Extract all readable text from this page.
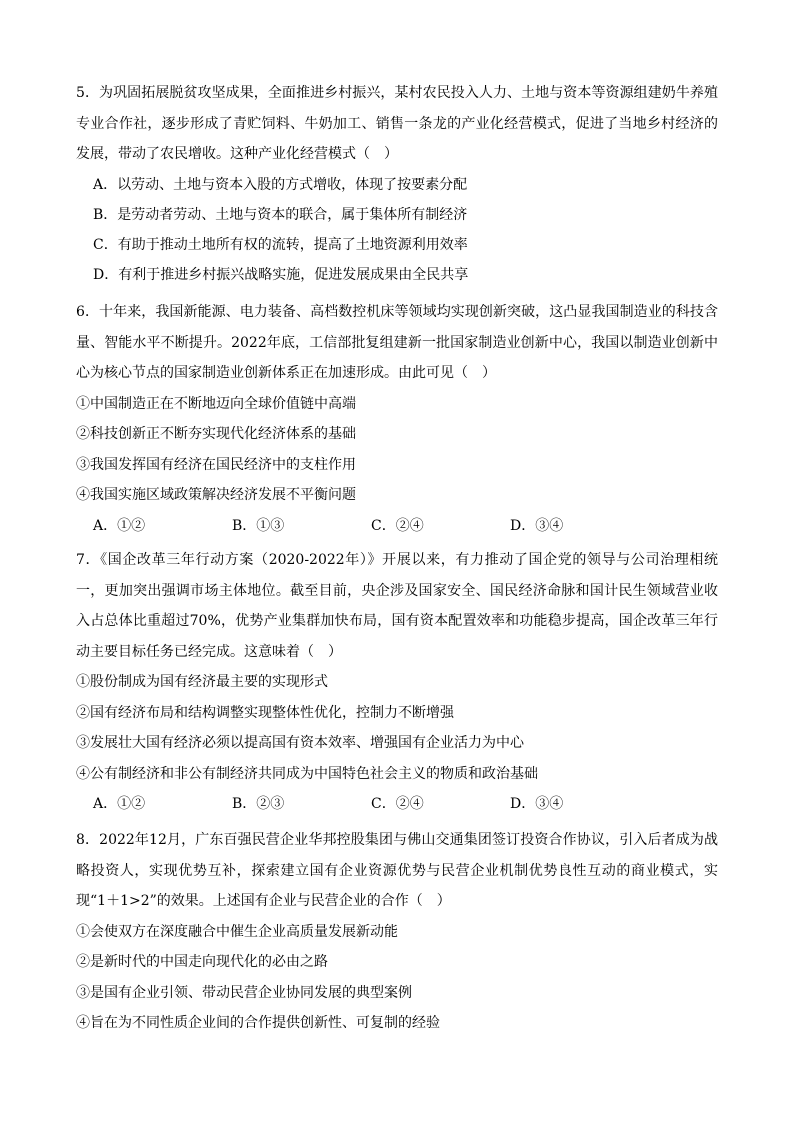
5．为巩固拓展脱贫攻坚成果，全面推进乡村振兴，某村农民投入人力、土地与资本等资源组建奶牛养殖专业合作社，逐步形成了青贮饲料、牛奶加工、销售一条龙的产业化经营模式，促进了当地乡村经济的发展，带动了农民增收。这种产业化经营模式（　）

A．以劳动、土地与资本入股的方式增收，体现了按要素分配

B．是劳动者劳动、土地与资本的联合，属于集体所有制经济

C．有助于推动土地所有权的流转，提高了土地资源利用效率

D．有利于推进乡村振兴战略实施，促进发展成果由全民共享

6．十年来，我国新能源、电力装备、高档数控机床等领域均实现创新突破，这凸显我国制造业的科技含量、智能水平不断提升。2022年底，工信部批复组建新一批国家制造业创新中心，我国以制造业创新中心为核心节点的国家制造业创新体系正在加速形成。由此可见（　）

①中国制造正在不断地迈向全球价值链中高端

②科技创新正不断夯实现代化经济体系的基础

③我国发挥国有经济在国民经济中的支柱作用

④我国实施区域政策解决经济发展不平衡问题

A．①②	B．①③	C．②④	D．③④

7．《国企改革三年行动方案（2020-2022年）》开展以来，有力推动了国企党的领导与公司治理相统一，更加突出强调市场主体地位。截至目前，央企涉及国家安全、国民经济命脉和国计民生领域营业收入占总体比重超过70%，优势产业集群加快布局，国有资本配置效率和功能稳步提高，国企改革三年行动主要目标任务已经完成。这意味着（　）

①股份制成为国有经济最主要的实现形式

②国有经济布局和结构调整实现整体性优化，控制力不断增强

③发展壮大国有经济必须以提高国有资本效率、增强国有企业活力为中心

④公有制经济和非公有制经济共同成为中国特色社会主义的物质和政治基础

A．①②	B．②③	C．②④	D．③④

8．2022年12月，广东百强民营企业华邦控股集团与佛山交通集团签订投资合作协议，引入后者成为战略投资人，实现优势互补，探索建立国有企业资源优势与民营企业机制优势良性互动的商业模式，实现“1＋1>2”的效果。上述国有企业与民营企业的合作（　）

①会使双方在深度融合中催生企业高质量发展新动能

②是新时代的中国走向现代化的必由之路

③是国有企业引领、带动民营企业协同发展的典型案例

④旨在为不同性质企业间的合作提供创新性、可复制的经验
